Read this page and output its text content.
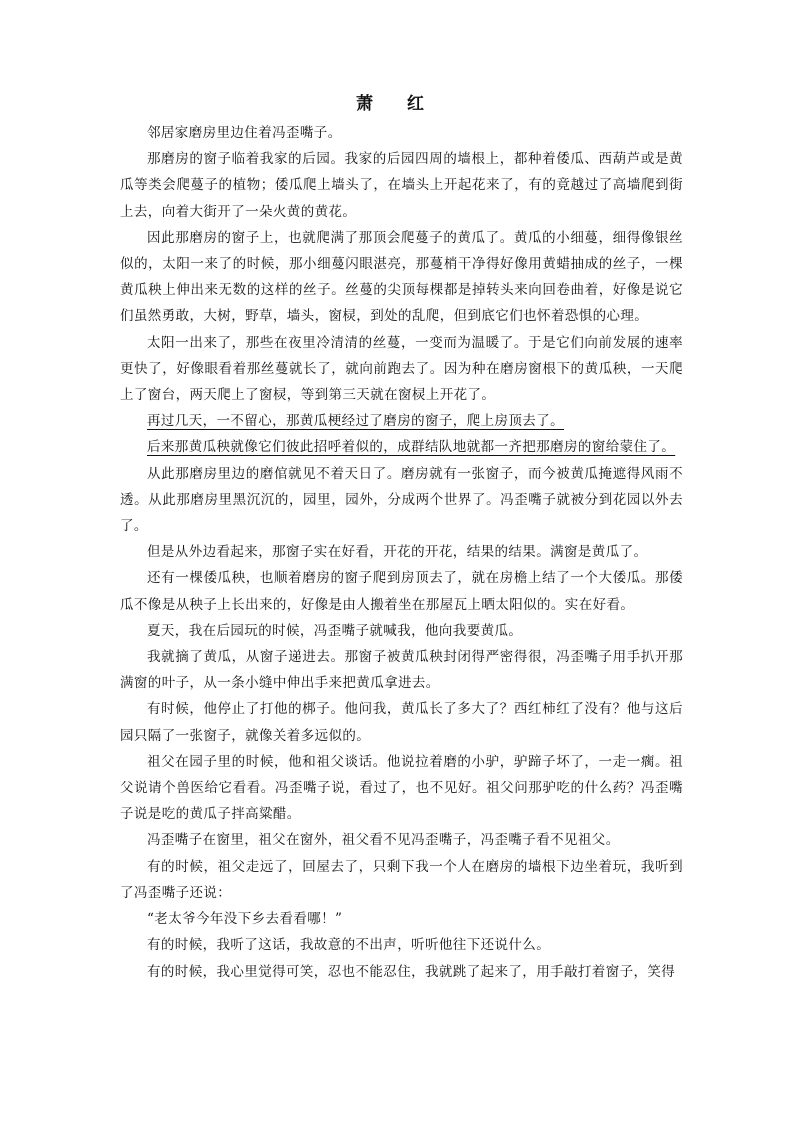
萧 红

邻居家磨房里边住着冯歪嘴子。

那磨房的窗子临着我家的后园。我家的后园四周的墙根上，都种着倭瓜、西葫芦或是黄瓜等类会爬蔓子的植物；倭瓜爬上墙头了，在墙头上开起花来了，有的竟越过了高墙爬到街上去，向着大街开了一朵火黄的黄花。

因此那磨房的窗子上，也就爬满了那顶会爬蔓子的黄瓜了。黄瓜的小细蔓，细得像银丝似的，太阳一来了的时候，那小细蔓闪眼湛亮，那蔓梢干净得好像用黄蜡抽成的丝子，一棵黄瓜秧上伸出来无数的这样的丝子。丝蔓的尖顶每棵都是掉转头来向回卷曲着，好像是说它们虽然勇敢，大树，野草，墙头，窗棂，到处的乱爬，但到底它们也怀着恐惧的心理。

太阳一出来了，那些在夜里冷清清的丝蔓，一变而为温暖了。于是它们向前发展的速率更快了，好像眼看着那丝蔓就长了，就向前跑去了。因为种在磨房窗根下的黄瓜秧，一天爬上了窗台，两天爬上了窗棂，等到第三天就在窗棂上开花了。

再过几天，一不留心，那黄瓜梗经过了磨房的窗子，爬上房顶去了。

后来那黄瓜秧就像它们彼此招呼着似的，成群结队地就都一齐把那磨房的窗给蒙住了。

从此那磨房里边的磨倌就见不着天日了。磨房就有一张窗子，而今被黄瓜掩遮得风雨不透。从此那磨房里黑沉沉的，园里，园外，分成两个世界了。冯歪嘴子就被分到花园以外去了。

但是从外边看起来，那窗子实在好看，开花的开花，结果的结果。满窗是黄瓜了。

还有一棵倭瓜秧，也顺着磨房的窗子爬到房顶去了，就在房檐上结了一个大倭瓜。那倭瓜不像是从秧子上长出来的，好像是由人搬着坐在那屋瓦上晒太阳似的。实在好看。

夏天，我在后园玩的时候，冯歪嘴子就喊我，他向我要黄瓜。

我就摘了黄瓜，从窗子递进去。那窗子被黄瓜秧封闭得严密得很，冯歪嘴子用手扒开那满窗的叶子，从一条小缝中伸出手来把黄瓜拿进去。

有时候，他停止了打他的梆子。他问我，黄瓜长了多大了？西红柿红了没有？他与这后园只隔了一张窗子，就像关着多远似的。

祖父在园子里的时候，他和祖父谈话。他说拉着磨的小驴，驴蹄子坏了，一走一瘸。祖父说请个兽医给它看看。冯歪嘴子说，看过了，也不见好。祖父问那驴吃的什么药？冯歪嘴子说是吃的黄瓜子拌高粱醋。

冯歪嘴子在窗里，祖父在窗外，祖父看不见冯歪嘴子，冯歪嘴子看不见祖父。

有的时候，祖父走远了，回屋去了，只剩下我一个人在磨房的墙根下边坐着玩，我听到了冯歪嘴子还说：

“老太爷今年没下乡去看看哪！”

有的时候，我听了这话，我故意的不出声，听听他往下还说什么。

有的时候，我心里觉得可笑，忍也不能忍住，我就跳了起来了，用手敲打着窗子，笑得
